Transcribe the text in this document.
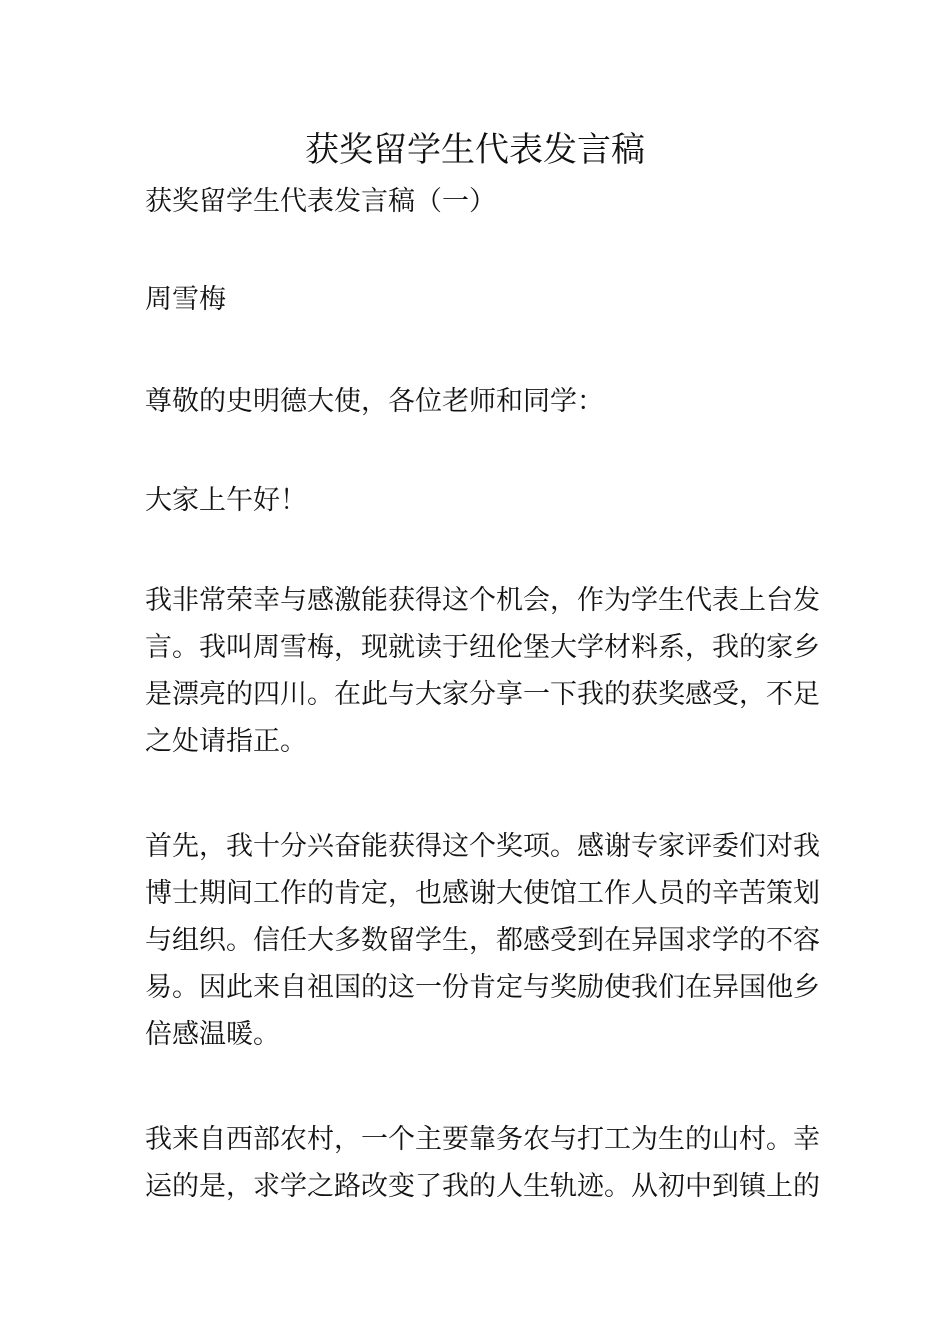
获奖留学生代表发言稿

获奖留学生代表发言稿（一）

周雪梅

尊敬的史明德大使，各位老师和同学：

大家上午好！

我非常荣幸与感激能获得这个机会，作为学生代表上台发

言。我叫周雪梅，现就读于纽伦堡大学材料系，我的家乡

是漂亮的四川。在此与大家分享一下我的获奖感受，不足

之处请指正。

首先，我十分兴奋能获得这个奖项。感谢专家评委们对我

博士期间工作的肯定，也感谢大使馆工作人员的辛苦策划

与组织。信任大多数留学生，都感受到在异国求学的不容

易。因此来自祖国的这一份肯定与奖励使我们在异国他乡

倍感温暖。

我来自西部农村，一个主要靠务农与打工为生的山村。幸

运的是，求学之路改变了我的人生轨迹。从初中到镇上的
